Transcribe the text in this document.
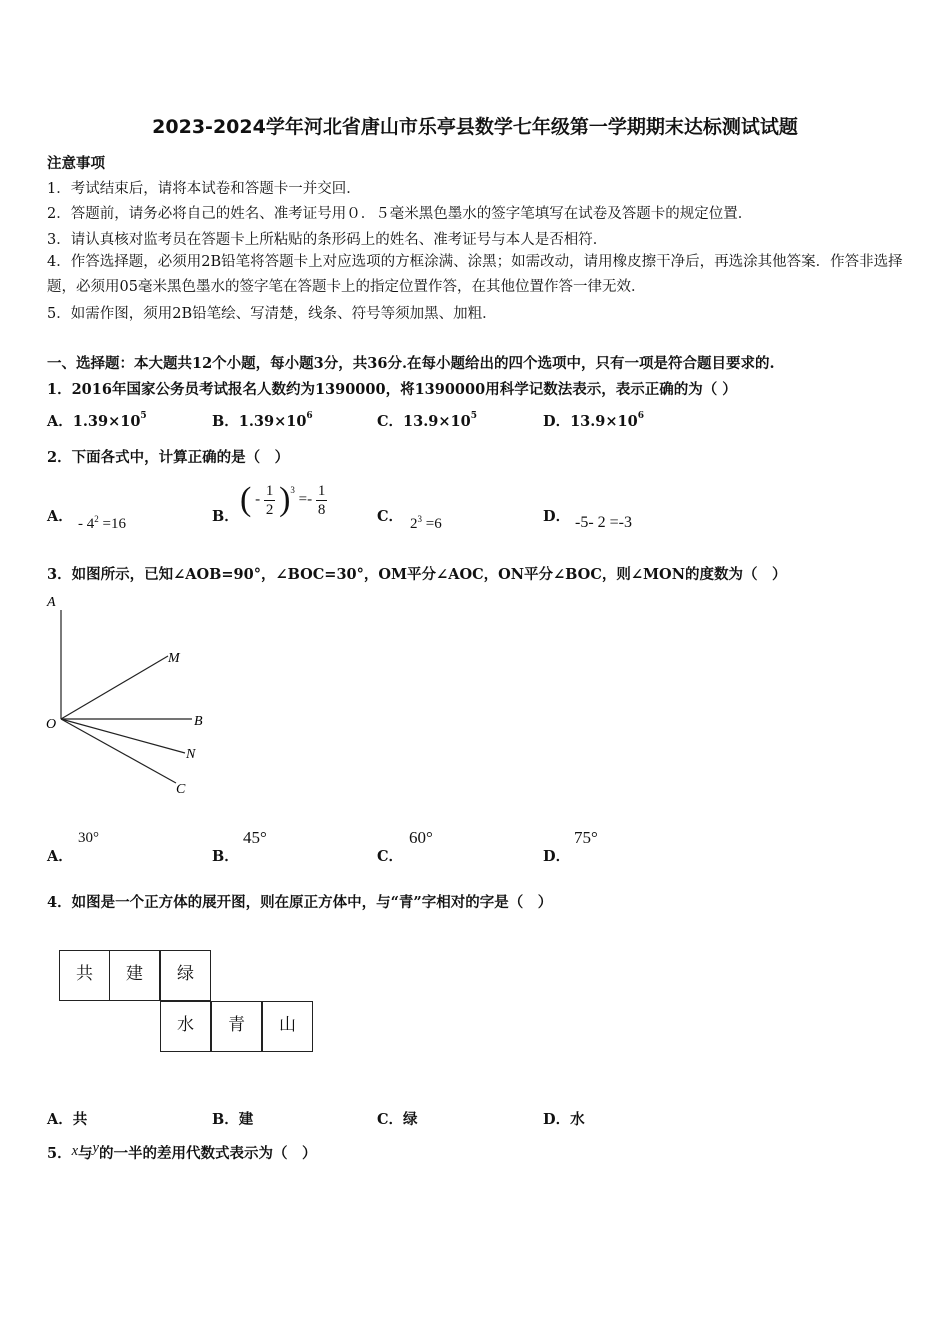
2023-2024学年河北省唐山市乐亭县数学七年级第一学期期末达标测试试题
注意事项
1．考试结束后，请将本试卷和答题卡一并交回．
2．答题前，请务必将自己的姓名、准考证号用０．５毫米黑色墨水的签字笔填写在试卷及答题卡的规定位置．
3．请认真核对监考员在答题卡上所粘贴的条形码上的姓名、准考证号与本人是否相符．
4．作答选择题，必须用2B铅笔将答题卡上对应选项的方框涂满、涂黑；如需改动，请用橡皮擦干净后，再选涂其他答案．作答非选择题，必须用05毫米黑色墨水的签字笔在答题卡上的指定位置作答，在其他位置作答一律无效．
5．如需作图，须用2B铅笔绘、写清楚，线条、符号等须加黑、加粗．
一、选择题：本大题共12个小题，每小题3分，共36分.在每小题给出的四个选项中，只有一项是符合题目要求的.
1．2016年国家公务员考试报名人数约为1390000，将1390000用科学记数法表示，表示正确的为（ ）
A．$1.39\times 10^5$	B．$1.39\times 10^6$	C．$13.9\times 10^5$	D．$13.9\times 10^6$
2．下面各式中，计算正确的是（　）
A． - $4^2 =16$	B． ( - $\frac{1}{2} )^3 =- \frac{1}{8}$	C． $2^3 =6$	D． -5- 2 =-3
3．如图所示，已知∠AOB=90°，∠BOC=30°，OM平分∠AOC，ON平分∠BOC，则∠MON的度数为（　）
A
M
O	B
N
C
A．
30°
B．
45°
C．
60°
D．
75°
4．如图是一个正方体的展开图，则在原正方体中，与“青”字相对的字是（　）
共	建	绿
水	青	山
A．共	B．建	C．绿	D．水
5．x与y的一半的差用代数式表示为（　）
